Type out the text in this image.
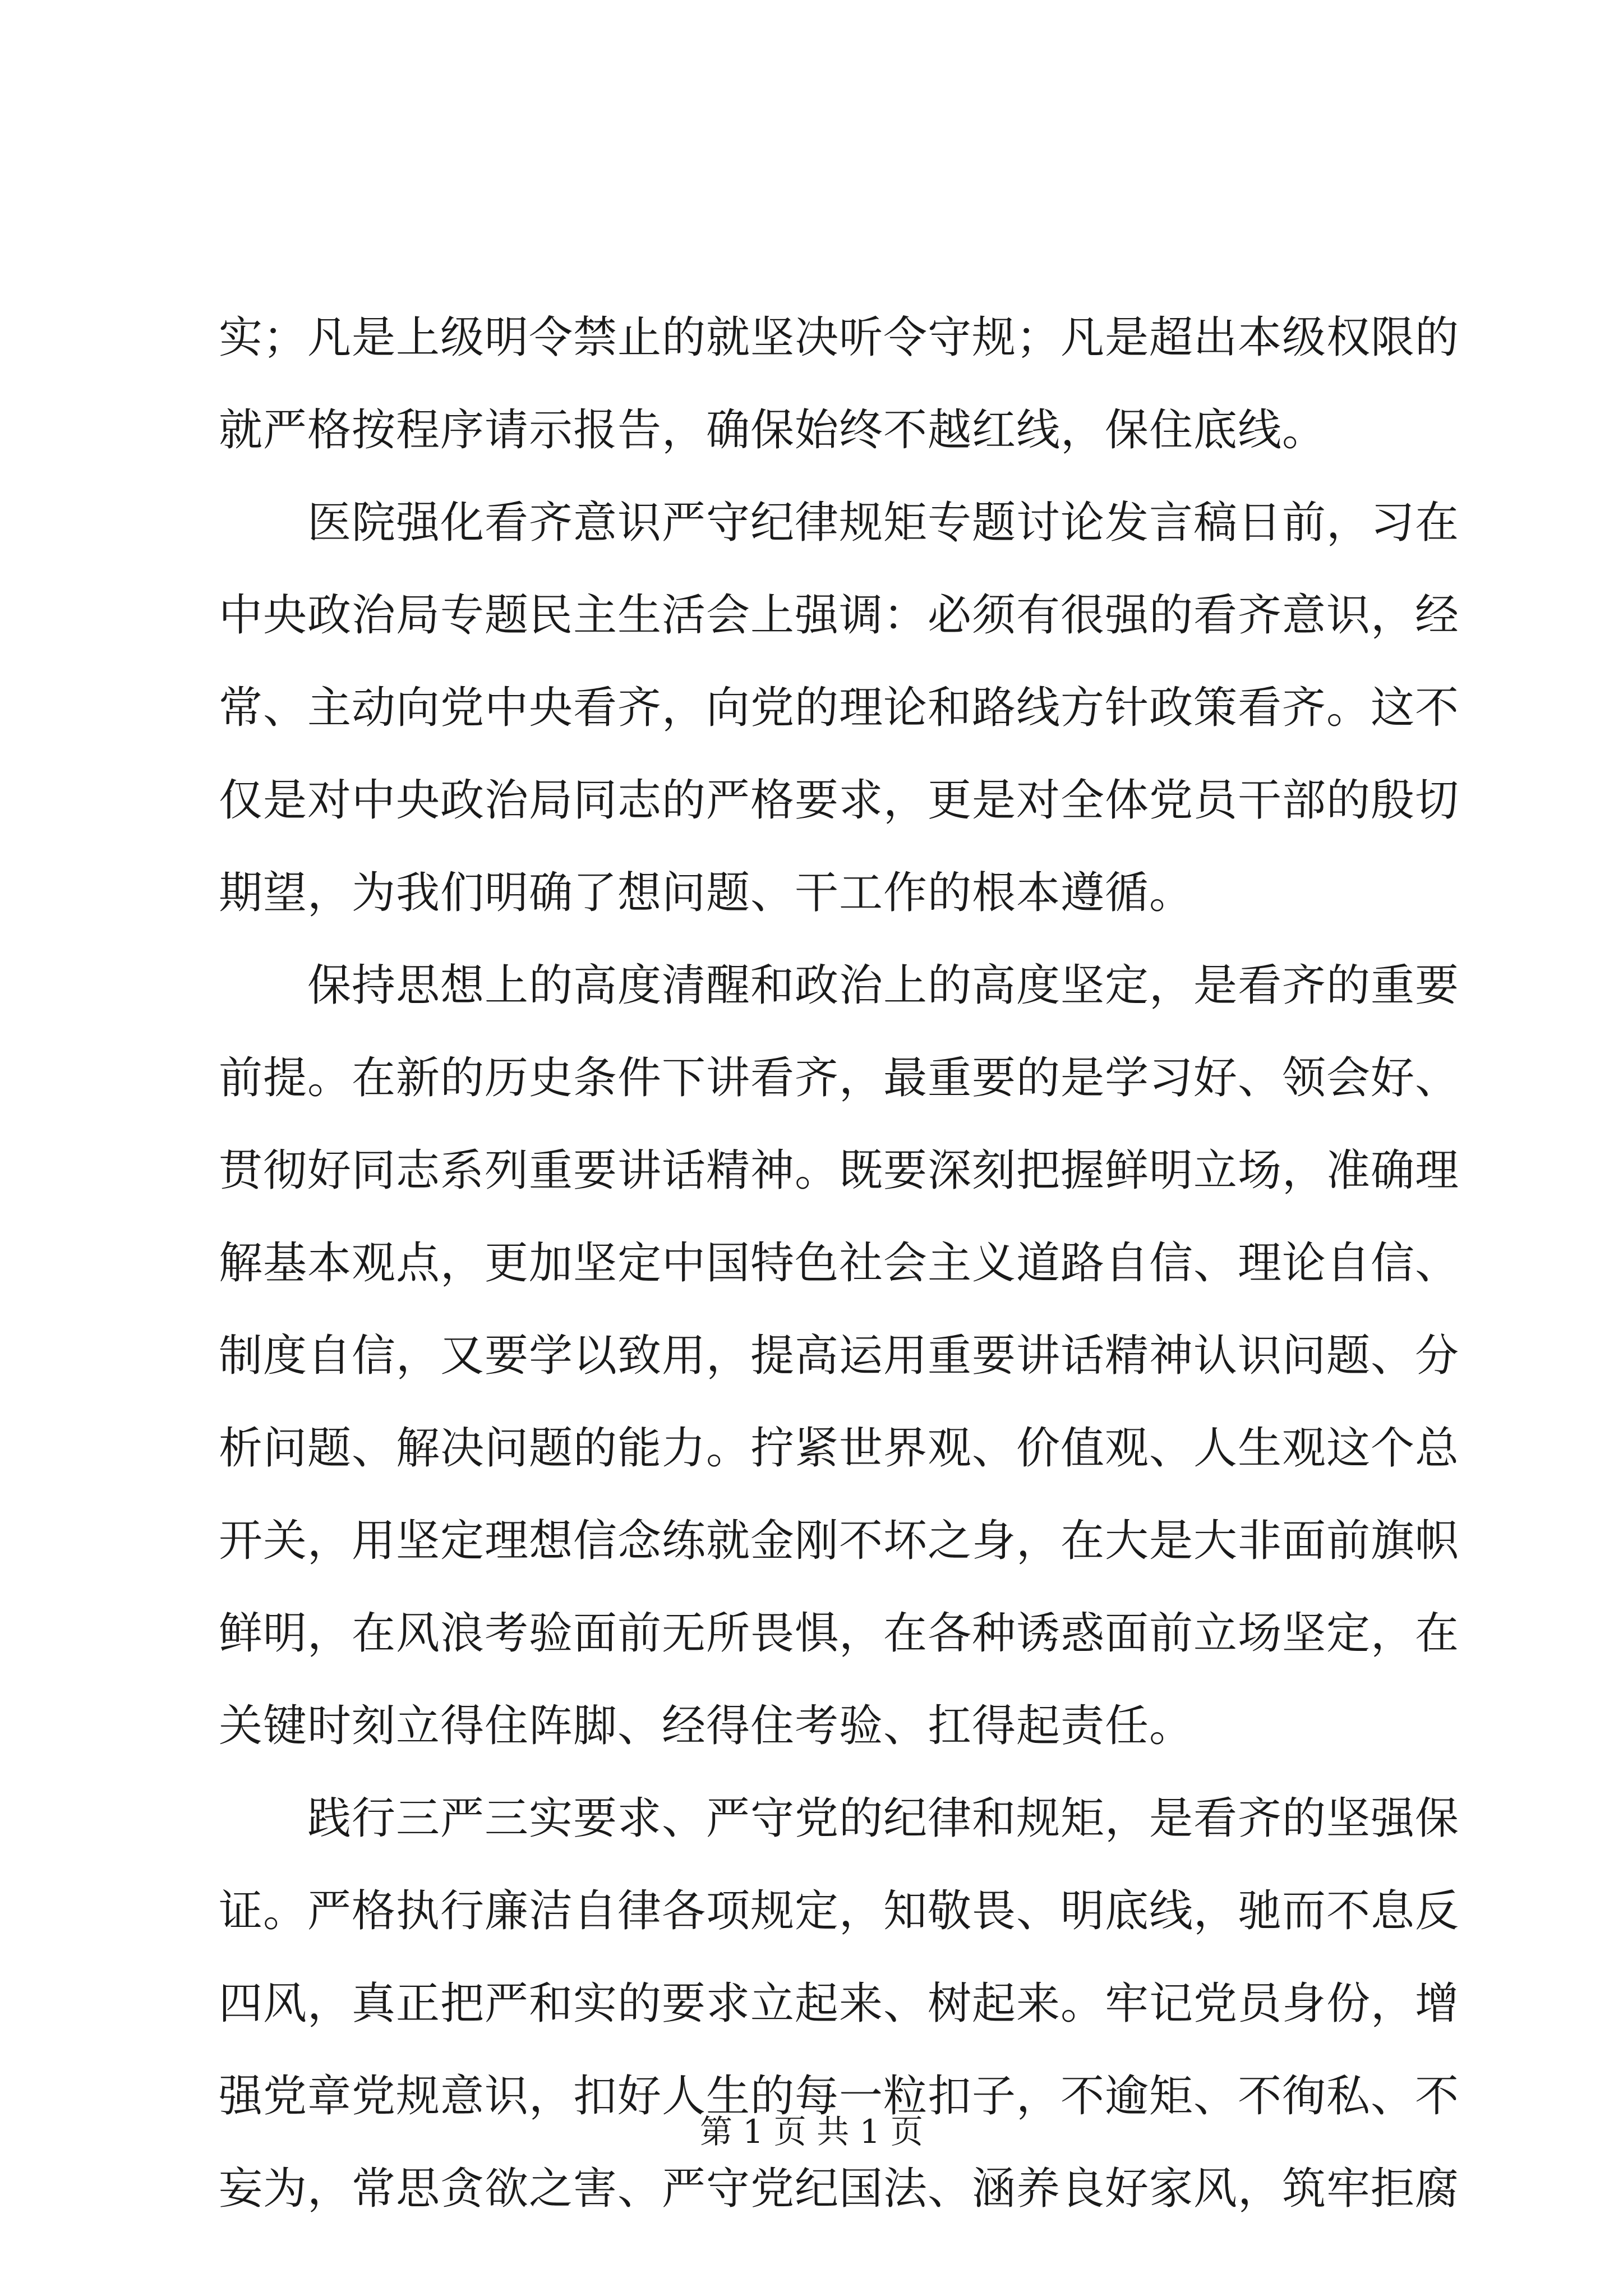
实；凡是上级明令禁止的就坚决听令守规；凡是超出本级权限的
就严格按程序请示报告，确保始终不越红线，保住底线。
　　医院强化看齐意识严守纪律规矩专题讨论发言稿日前，习在
中央政治局专题民主生活会上强调：必须有很强的看齐意识，经
常、主动向党中央看齐，向党的理论和路线方针政策看齐。这不
仅是对中央政治局同志的严格要求，更是对全体党员干部的殷切
期望，为我们明确了想问题、干工作的根本遵循。
　　保持思想上的高度清醒和政治上的高度坚定，是看齐的重要
前提。在新的历史条件下讲看齐，最重要的是学习好、领会好、
贯彻好同志系列重要讲话精神。既要深刻把握鲜明立场，准确理
解基本观点，更加坚定中国特色社会主义道路自信、理论自信、
制度自信，又要学以致用，提高运用重要讲话精神认识问题、分
析问题、解决问题的能力。拧紧世界观、价值观、人生观这个总
开关，用坚定理想信念练就金刚不坏之身，在大是大非面前旗帜
鲜明，在风浪考验面前无所畏惧，在各种诱惑面前立场坚定，在
关键时刻立得住阵脚、经得住考验、扛得起责任。
　　践行三严三实要求、严守党的纪律和规矩，是看齐的坚强保
证。严格执行廉洁自律各项规定，知敬畏、明底线，驰而不息反
四风，真正把严和实的要求立起来、树起来。牢记党员身份，增
强党章党规意识，扣好人生的每一粒扣子，不逾矩、不徇私、不
妄为，常思贪欲之害、严守党纪国法、涵养良好家风，筑牢拒腐
第 1 页 共 1 页
